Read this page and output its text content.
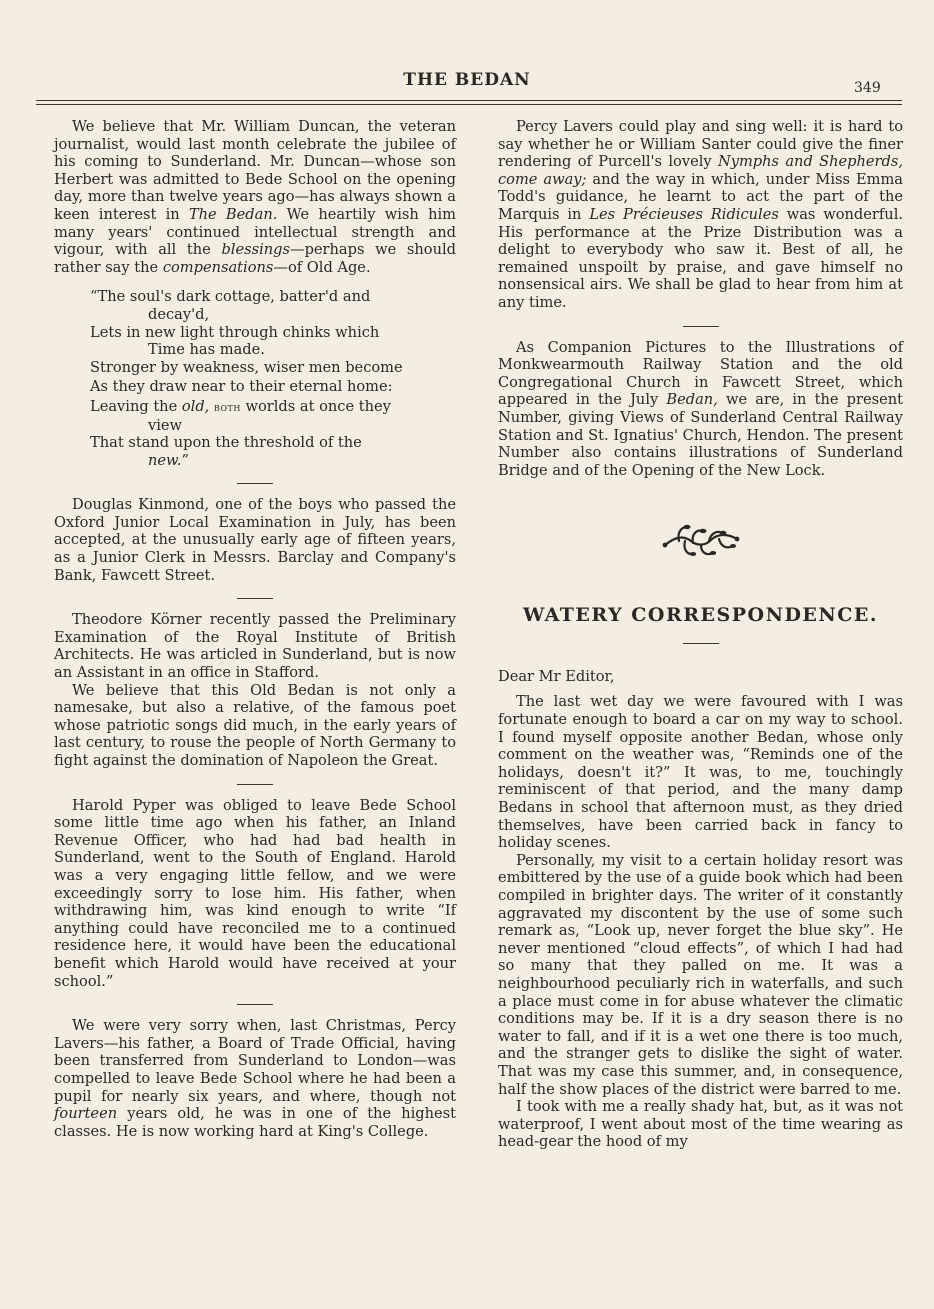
THE BEDAN	349

We believe that Mr. William Duncan, the veteran journalist, would last month celebrate the jubilee of his coming to Sunderland. Mr. Duncan—whose son Herbert was admitted to Bede School on the opening day, more than twelve years ago—has always shown a keen interest in The Bedan. We heartily wish him many years' continued intellectual strength and vigour, with all the blessings—perhaps we should rather say the compensations—of Old Age.

“The soul's dark cottage, batter'd and
decay'd,
Lets in new light through chinks which
Time has made.
Stronger by weakness, wiser men become
As they draw near to their eternal home:
Leaving the old, both worlds at once they
view
That stand upon the threshold of the
new.”

Douglas Kinmond, one of the boys who passed the Oxford Junior Local Examination in July, has been accepted, at the unusually early age of fifteen years, as a Junior Clerk in Messrs. Barclay and Company's Bank, Fawcett Street.

Theodore Körner recently passed the Preliminary Examination of the Royal Institute of British Architects. He was articled in Sunderland, but is now an Assistant in an office in Stafford.

We believe that this Old Bedan is not only a namesake, but also a relative, of the famous poet whose patriotic songs did much, in the early years of last century, to rouse the people of North Germany to fight against the domination of Napoleon the Great.

Harold Pyper was obliged to leave Bede School some little time ago when his father, an Inland Revenue Officer, who had had bad health in Sunderland, went to the South of England. Harold was a very engaging little fellow, and we were exceedingly sorry to lose him. His father, when withdrawing him, was kind enough to write “If anything could have reconciled me to a continued residence here, it would have been the educational benefit which Harold would have received at your school.”

We were very sorry when, last Christmas, Percy Lavers—his father, a Board of Trade Official, having been transferred from Sunderland to London—was compelled to leave Bede School where he had been a pupil for nearly six years, and where, though not fourteen years old, he was in one of the highest classes. He is now working hard at King's College.

Percy Lavers could play and sing well: it is hard to say whether he or William Santer could give the finer rendering of Purcell's lovely Nymphs and Shepherds, come away; and the way in which, under Miss Emma Todd's guidance, he learnt to act the part of the Marquis in Les Précieuses Ridicules was wonderful. His performance at the Prize Distribution was a delight to everybody who saw it. Best of all, he remained unspoilt by praise, and gave himself no nonsensical airs. We shall be glad to hear from him at any time.

As Companion Pictures to the Illustrations of Monkwearmouth Railway Station and the old Congregational Church in Fawcett Street, which appeared in the July Bedan, we are, in the present Number, giving Views of Sunderland Central Railway Station and St. Ignatius' Church, Hendon. The present Number also contains illustrations of Sunderland Bridge and of the Opening of the New Lock.

WATERY CORRESPONDENCE.

Dear Mr Editor,

The last wet day we were favoured with I was fortunate enough to board a car on my way to school. I found myself opposite another Bedan, whose only comment on the weather was, “Reminds one of the holidays, doesn't it?” It was, to me, touchingly reminiscent of that period, and the many damp Bedans in school that afternoon must, as they dried themselves, have been carried back in fancy to holiday scenes.

Personally, my visit to a certain holiday resort was embittered by the use of a guide book which had been compiled in brighter days. The writer of it constantly aggravated my discontent by the use of some such remark as, “Look up, never forget the blue sky”. He never mentioned “cloud effects”, of which I had had so many that they palled on me. It was a neighbourhood peculiarly rich in waterfalls, and such a place must come in for abuse whatever the climatic conditions may be. If it is a dry season there is no water to fall, and if it is a wet one there is too much, and the stranger gets to dislike the sight of water. That was my case this summer, and, in consequence, half the show places of the district were barred to me.

I took with me a really shady hat, but, as it was not waterproof, I went about most of the time wearing as head-gear the hood of my
